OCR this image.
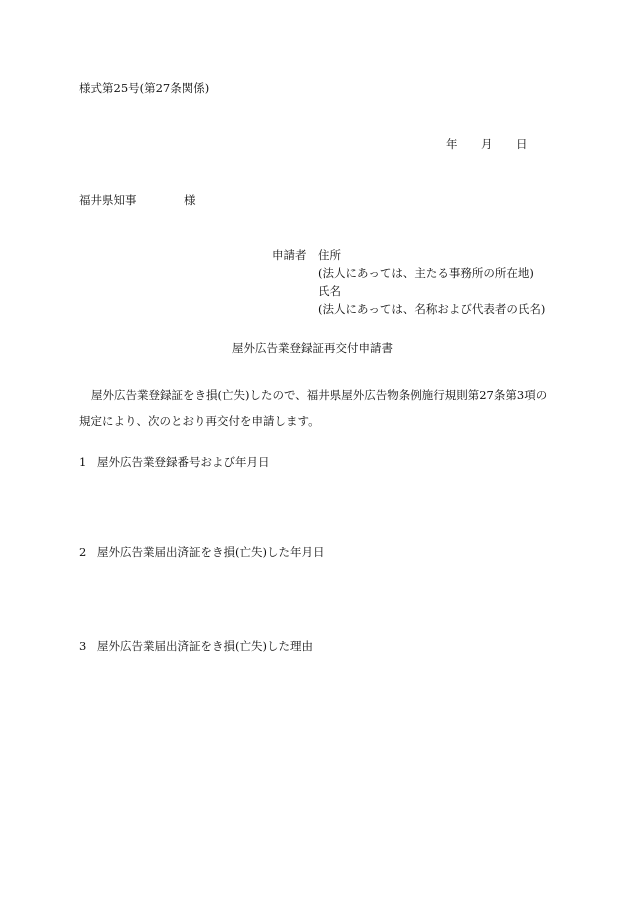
様式第25号(第27条関係)
年 月 日
福井県知事	様
申請者 住所
(法人にあっては、主たる事務所の所在地)
氏名
(法人にあっては、名称および代表者の氏名)
屋外広告業登録証再交付申請書
屋外広告業登録証をき損(亡失)したので、福井県屋外広告物条例施行規則第27条第3項の
規定により、次のとおり再交付を申請します。
1 屋外広告業登録番号および年月日
2 屋外広告業届出済証をき損(亡失)した年月日
3 屋外広告業届出済証をき損(亡失)した理由
